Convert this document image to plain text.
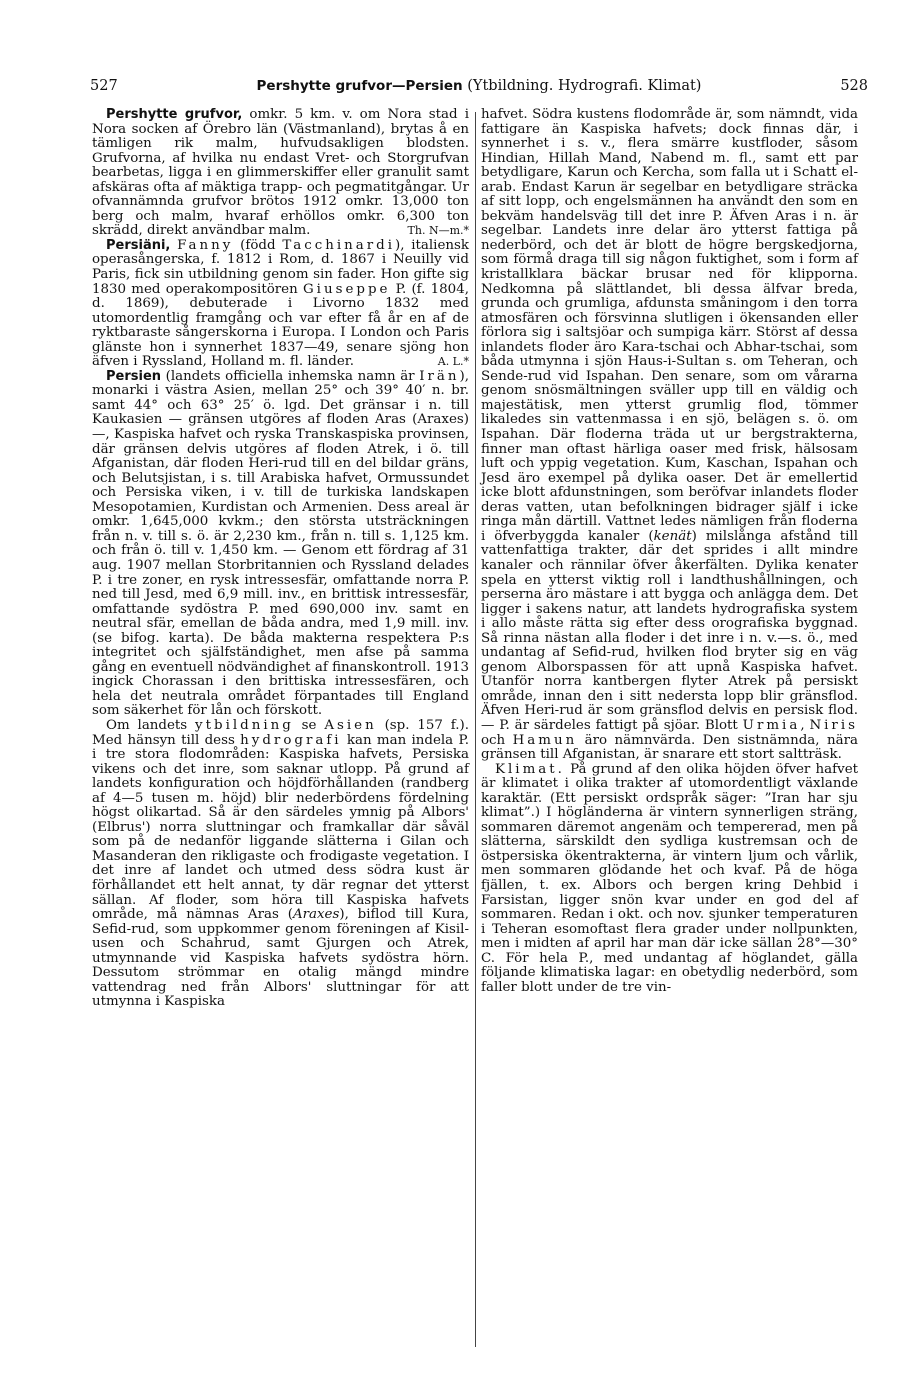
527	Pershytte grufvor—Persien (Ytbildning. Hydrografi. Klimat)	528

Pershytte grufvor, omkr. 5 km. v. om Nora stad i Nora socken af Örebro län (Västmanland), brytas å en tämligen rik malm, hufvudsakligen blodsten. Grufvorna, af hvilka nu endast Vret- och Storgrufvan bearbetas, ligga i en glimmerskiffer eller granulit samt afskäras ofta af mäktiga trapp- och pegmatitgångar. Ur ofvannämnda grufvor brötos 1912 omkr. 13,000 ton berg och malm, hvaraf erhöllos omkr. 6,300 ton skrädd, direkt användbar malm.	Th. N—m.*

Persiäni, Fanny (född Tacchinardi), italiensk operasångerska, f. 1812 i Rom, d. 1867 i Neuilly vid Paris, fick sin utbildning genom sin fader. Hon gifte sig 1830 med operakompositören Giuseppe P. (f. 1804, d. 1869), debuterade i Livorno 1832 med utomordentlig framgång och var efter få år en af de ryktbaraste sångerskorna i Europa. I London och Paris glänste hon i synnerhet 1837—49, senare sjöng hon äfven i Ryssland, Holland m. fl. länder.	A. L.*

Persien (landets officiella inhemska namn är Irän), monarki i västra Asien, mellan 25° och 39° 40′ n. br. samt 44° och 63° 25′ ö. lgd. Det gränsar i n. till Kaukasien — gränsen utgöres af floden Aras (Araxes) —, Kaspiska hafvet och ryska Transkaspiska provinsen, där gränsen delvis utgöres af floden Atrek, i ö. till Afganistan, där floden Heri-rud till en del bildar gräns, och Belutsjistan, i s. till Arabiska hafvet, Ormussundet och Persiska viken, i v. till de turkiska landskapen Mesopotamien, Kurdistan och Armenien. Dess areal är omkr. 1,645,000 kvkm.; den största utsträckningen från n. v. till s. ö. är 2,230 km., från n. till s. 1,125 km. och från ö. till v. 1,450 km. — Genom ett fördrag af 31 aug. 1907 mellan Storbritannien och Ryssland delades P. i tre zoner, en rysk intressesfär, omfattande norra P. ned till Jesd, med 6,9 mill. inv., en brittisk intressesfär, omfattande sydöstra P. med 690,000 inv. samt en neutral sfär, emellan de båda andra, med 1,9 mill. inv. (se bifog. karta). De båda makterna respektera P:s integritet och själfständighet, men afse på samma gång en eventuell nödvändighet af finanskontroll. 1913 ingick Chorassan i den brittiska intressesfären, och hela det neutrala området förpantades till England som säkerhet för lån och förskott.

Om landets ytbildning se Asien (sp. 157 f.). Med hänsyn till dess hydrografi kan man indela P. i tre stora flodområden: Kaspiska hafvets, Persiska vikens och det inre, som saknar utlopp. På grund af landets konfiguration och höjdförhållanden (randberg af 4—5 tusen m. höjd) blir nederbördens fördelning högst olikartad. Så är den särdeles ymnig på Albors' (Elbrus') norra sluttningar och framkallar där såväl som på de nedanför liggande slätterna i Gilan och Masanderan den rikligaste och frodigaste vegetation. I det inre af landet och utmed dess södra kust är förhållandet ett helt annat, ty där regnar det ytterst sällan. Af floder, som höra till Kaspiska hafvets område, må nämnas Aras (Araxes), biflod till Kura, Sefid-rud, som uppkommer genom föreningen af Kisil-usen och Schahrud, samt Gjurgen och Atrek, utmynnande vid Kaspiska hafvets sydöstra hörn. Dessutom strömmar en otalig mängd mindre vattendrag ned från Albors' sluttningar för att utmynna i Kaspiska

hafvet. Södra kustens flodområde är, som nämndt, vida fattigare än Kaspiska hafvets; dock finnas där, i synnerhet i s. v., flera smärre kustfloder, såsom Hindian, Hillah Mand, Nabend m. fl., samt ett par betydligare, Karun och Kercha, som falla ut i Schatt el-arab. Endast Karun är segelbar en betydligare sträcka af sitt lopp, och engelsmännen ha användt den som en bekväm handelsväg till det inre P. Äfven Aras i n. är segelbar. Landets inre delar äro ytterst fattiga på nederbörd, och det är blott de högre bergskedjorna, som förmå draga till sig någon fuktighet, som i form af kristallklara bäckar brusar ned för klipporna. Nedkomna på slättlandet, bli dessa älfvar breda, grunda och grumliga, afdunsta småningom i den torra atmosfären och försvinna slutligen i ökensanden eller förlora sig i saltsjöar och sumpiga kärr. Störst af dessa inlandets floder äro Kara-tschai och Abhar-tschai, som båda utmynna i sjön Haus-i-Sultan s. om Teheran, och Sende-rud vid Ispahan. Den senare, som om vårarna genom snösmältningen sväller upp till en väldig och majestätisk, men ytterst grumlig flod, tömmer likaledes sin vattenmassa i en sjö, belägen s. ö. om Ispahan. Där floderna träda ut ur bergstrakterna, finner man oftast härliga oaser med frisk, hälsosam luft och yppig vegetation. Kum, Kaschan, Ispahan och Jesd äro exempel på dylika oaser. Det är emellertid icke blott afdunstningen, som beröfvar inlandets floder deras vatten, utan befolkningen bidrager själf i icke ringa mån därtill. Vattnet ledes nämligen från floderna i öfverbyggda kanaler (kenät) milslånga afstånd till vattenfattiga trakter, där det sprides i allt mindre kanaler och rännilar öfver åkerfälten. Dylika kenater spela en ytterst viktig roll i landthushållningen, och perserna äro mästare i att bygga och anlägga dem. Det ligger i sakens natur, att landets hydrografiska system i allo måste rätta sig efter dess orografiska byggnad. Så rinna nästan alla floder i det inre i n. v.—s. ö., med undantag af Sefid-rud, hvilken flod bryter sig en väg genom Alborspassen för att upnå Kaspiska hafvet. Utanför norra kantbergen flyter Atrek på persiskt område, innan den i sitt nedersta lopp blir gränsflod. Äfven Heri-rud är som gränsflod delvis en persisk flod. — P. är särdeles fattigt på sjöar. Blott Urmia, Niris och Hamun äro nämnvärda. Den sistnämnda, nära gränsen till Afganistan, är snarare ett stort saltträsk.

Klimat. På grund af den olika höjden öfver hafvet är klimatet i olika trakter af utomordentligt växlande karaktär. (Ett persiskt ordspråk säger: ”Iran har sju klimat”.) I högländerna är vintern synnerligen sträng, sommaren däremot angenäm och tempererad, men på slätterna, särskildt den sydliga kustremsan och de östpersiska ökentrakterna, är vintern ljum och vårlik, men sommaren glödande het och kvaf. På de höga fjällen, t. ex. Albors och bergen kring Dehbid i Farsistan, ligger snön kvar under en god del af sommaren. Redan i okt. och nov. sjunker temperaturen i Teheran esomoftast flera grader under nollpunkten, men i midten af april har man där icke sällan 28°—30° C. För hela P., med undantag af höglandet, gälla följande klimatiska lagar: en obetydlig nederbörd, som faller blott under de tre vin-
